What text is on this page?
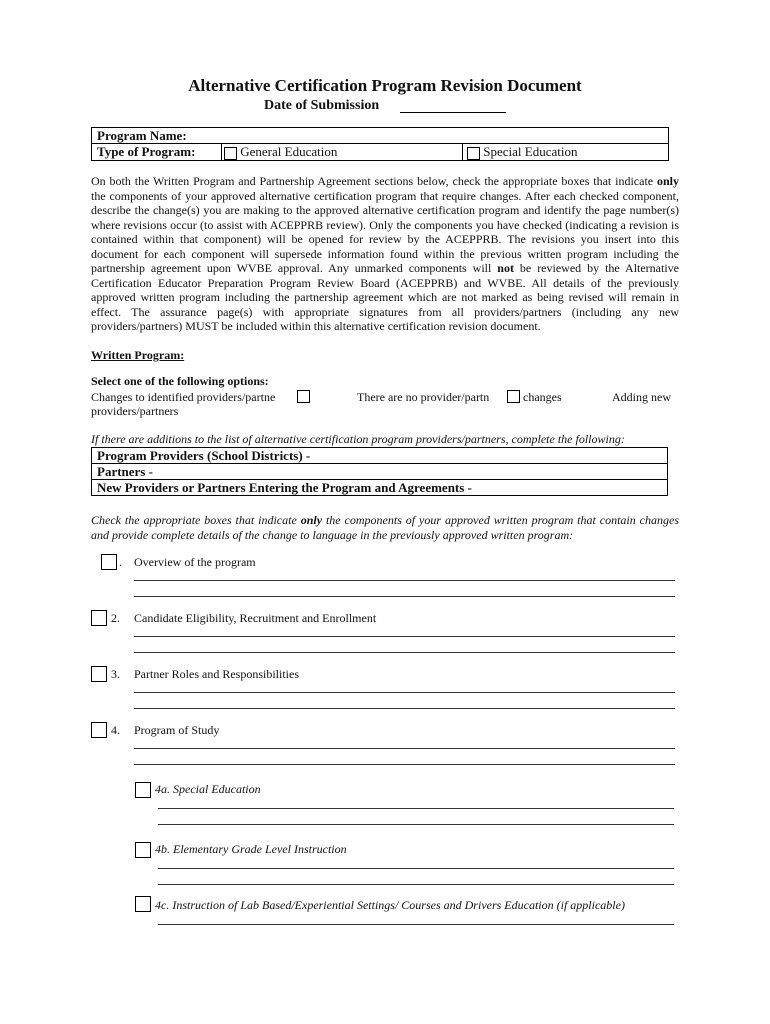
Alternative Certification Program Revision Document
Date of Submission
Program Name:
Type of Program:	General Education	Special Education
On both the Written Program and Partnership Agreement sections below, check the appropriate boxes that indicate only the components of your approved alternative certification program that require changes. After each checked component, describe the change(s) you are making to the approved alternative certification program and identify the page number(s) where revisions occur (to assist with ACEPPRB review). Only the components you have checked (indicating a revision is contained within that component) will be opened for review by the ACEPPRB. The revisions you insert into this document for each component will supersede information found within the previous written program including the partnership agreement upon WVBE approval. Any unmarked components will not be reviewed by the Alternative Certification Educator Preparation Program Review Board (ACEPPRB) and WVBE. All details of the previously approved written program including the partnership agreement which are not marked as being revised will remain in effect. The assurance page(s) with appropriate signatures from all providers/partners (including any new providers/partners) MUST be included within this alternative certification revision document.
Written Program:
Select one of the following options:
Changes to identified providers/partne
providers/partners
There are no provider/partn	changes	Adding new
If there are additions to the list of alternative certification program providers/partners, complete the following:
Program Providers (School Districts) -
Partners -
New Providers or Partners Entering the Program and Agreements -
Check the appropriate boxes that indicate only the components of your approved written program that contain changes and provide complete details of the change to language in the previously approved written program:
. Overview of the program
2. Candidate Eligibility, Recruitment and Enrollment
3. Partner Roles and Responsibilities
4. Program of Study
4a. Special Education
4b. Elementary Grade Level Instruction
4c. Instruction of Lab Based/Experiential Settings/ Courses and Drivers Education (if applicable)
